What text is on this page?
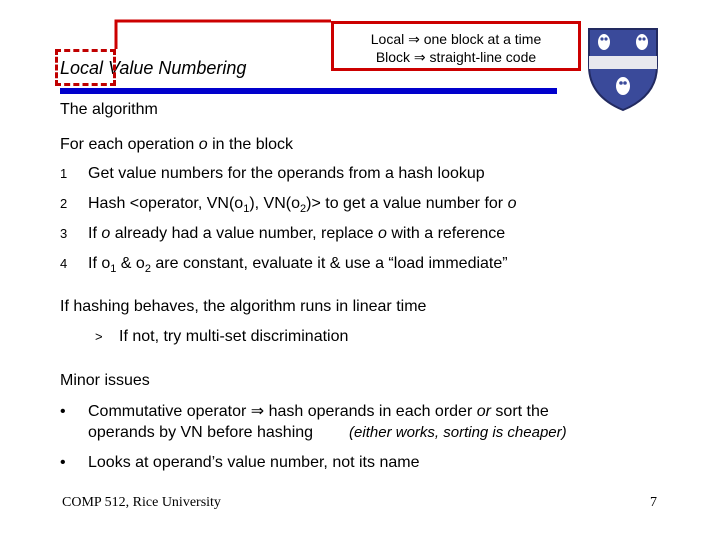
Local Value Numbering
Local ⇒ one block at a time
Block ⇒ straight-line code
The algorithm
For each operation o in the block
1 Get value numbers for the operands from a hash lookup
2 Hash <operator, $VN(o_1)$, $VN(o_2)>$ to get a value number for o
3 If o already had a value number, replace o with a reference
4 If $o_1$ & $o_2$ are constant, evaluate it & use a “load immediate”
If hashing behaves, the algorithm runs in linear time
> If not, try multi-set discrimination
Minor issues
• Commutative operator ⇒ hash operands in each order or sort the
operands by VN before hashing (either works, sorting is cheaper)
• Looks at operand’s value number, not its name
COMP 512, Rice University	7
